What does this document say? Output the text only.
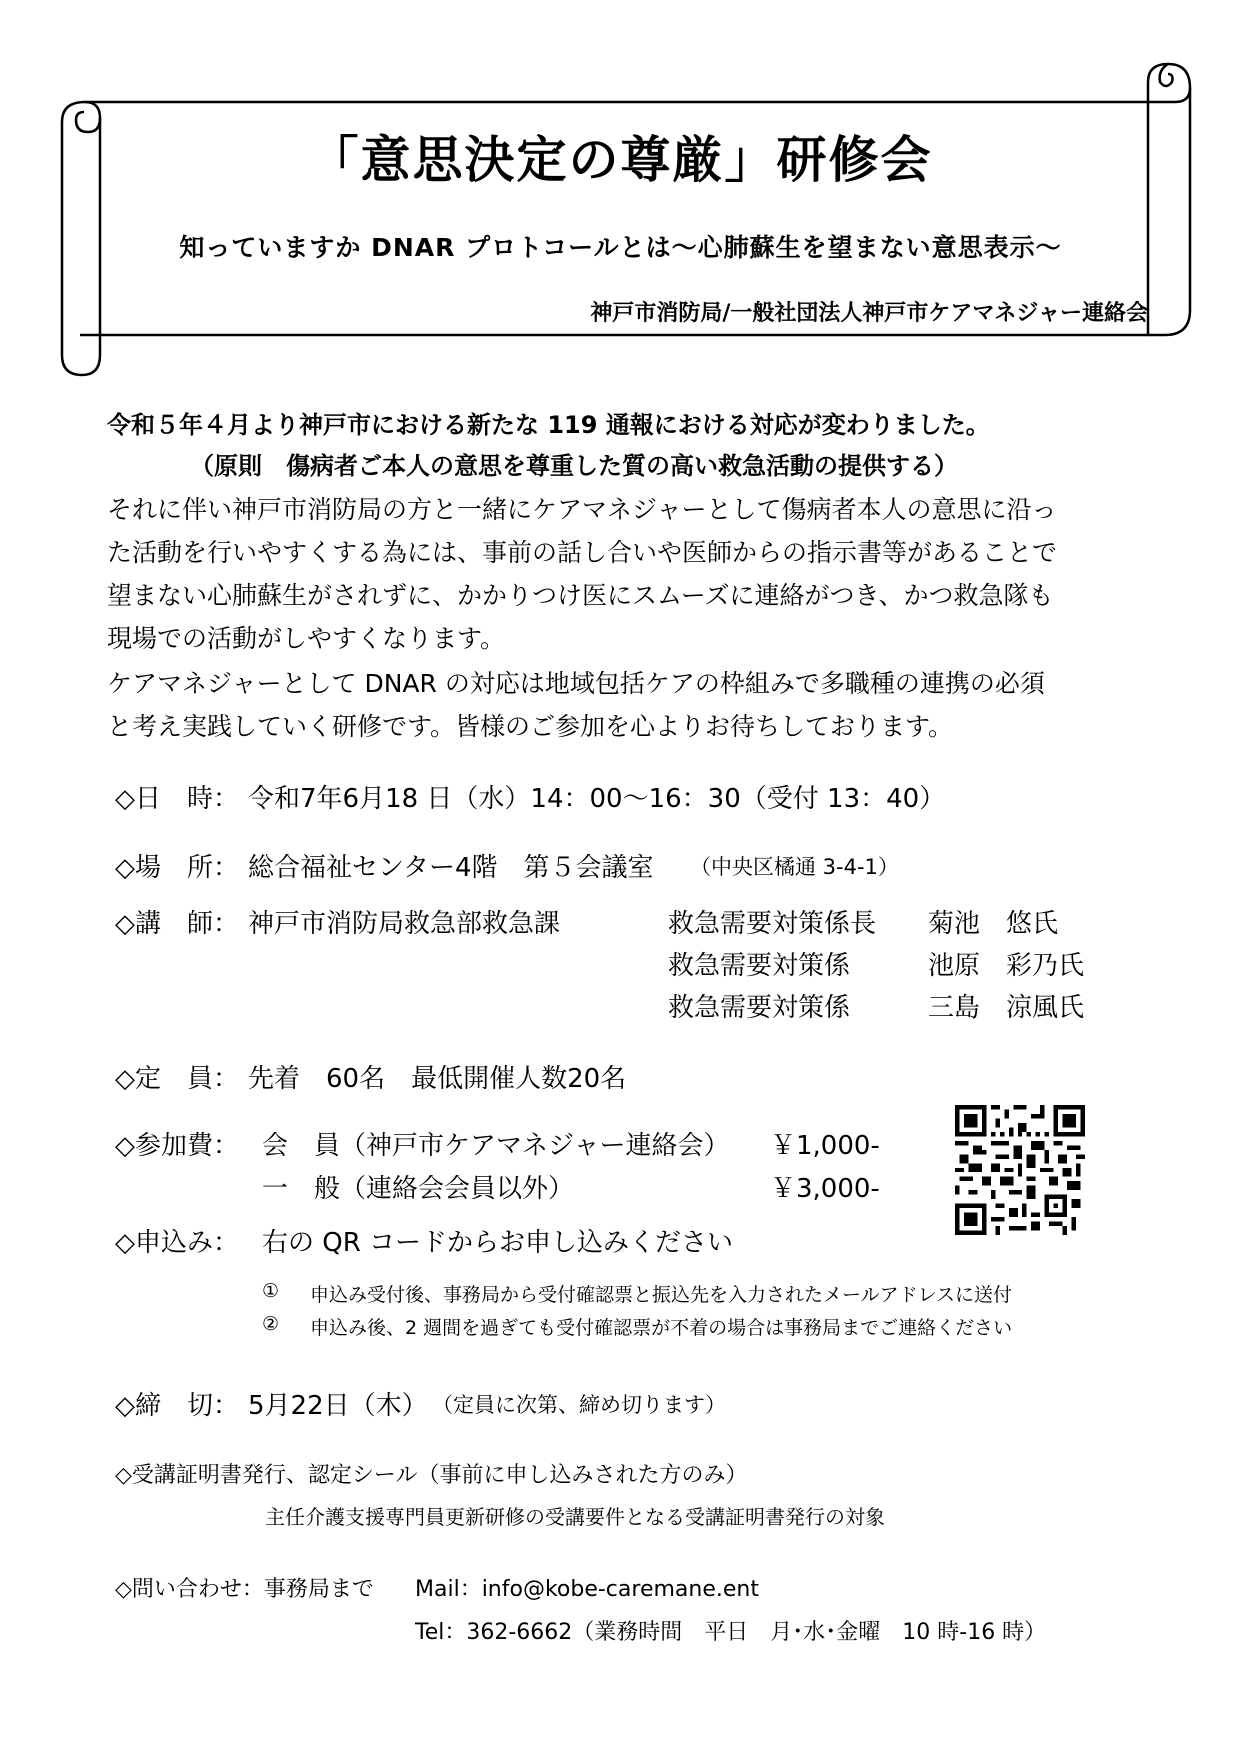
「意思決定の尊厳」研修会
知っていますか DNAR プロトコールとは～心肺蘇生を望まない意思表示～
神戸市消防局/一般社団法人神戸市ケアマネジャー連絡会
令和５年４月より神戸市における新たな 119 通報における対応が変わりました。
（原則　傷病者ご本人の意思を尊重した質の高い救急活動の提供する）
それに伴い神戸市消防局の方と一緒にケアマネジャーとして傷病者本人の意思に沿っ
た活動を行いやすくする為には、事前の話し合いや医師からの指示書等があることで
望まない心肺蘇生がされずに、かかりつけ医にスムーズに連絡がつき、かつ救急隊も
現場での活動がしやすくなります。
ケアマネジャーとして DNAR の対応は地域包括ケアの枠組みで多職種の連携の必須
と考え実践していく研修です。皆様のご参加を心よりお待ちしております。
◇日　時： 令和7年6月18 日（水）14：00～16：30（受付 13：40）
◇場　所： 総合福祉センター4階　第５会議室 （中央区橘通 3-4-1）
◇講　師： 神戸市消防局救急部救急課	救急需要対策係長 菊池　悠氏
救急需要対策係	池原　彩乃氏
救急需要対策係	三島　涼風氏
◇定　員： 先着　60名　最低開催人数20名
◇参加費： 会　員（神戸市ケアマネジャー連絡会） ￥1,000-
一　般（連絡会会員以外）	￥3,000-
◇申込み： 右の QR コードからお申し込みください
① 申込み受付後、事務局から受付確認票と振込先を入力されたメールアドレスに送付
② 申込み後、2 週間を過ぎても受付確認票が不着の場合は事務局までご連絡ください
◇締　切： 5月22日（木） （定員に次第、締め切ります）
◇受講証明書発行、認定シール（事前に申し込みされた方のみ）
主任介護支援専門員更新研修の受講要件となる受講証明書発行の対象
◇問い合わせ：事務局まで Mail：info@kobe-caremane.ent
Tel：362-6662（業務時間　平日　月･水･金曜　10 時-16 時）
